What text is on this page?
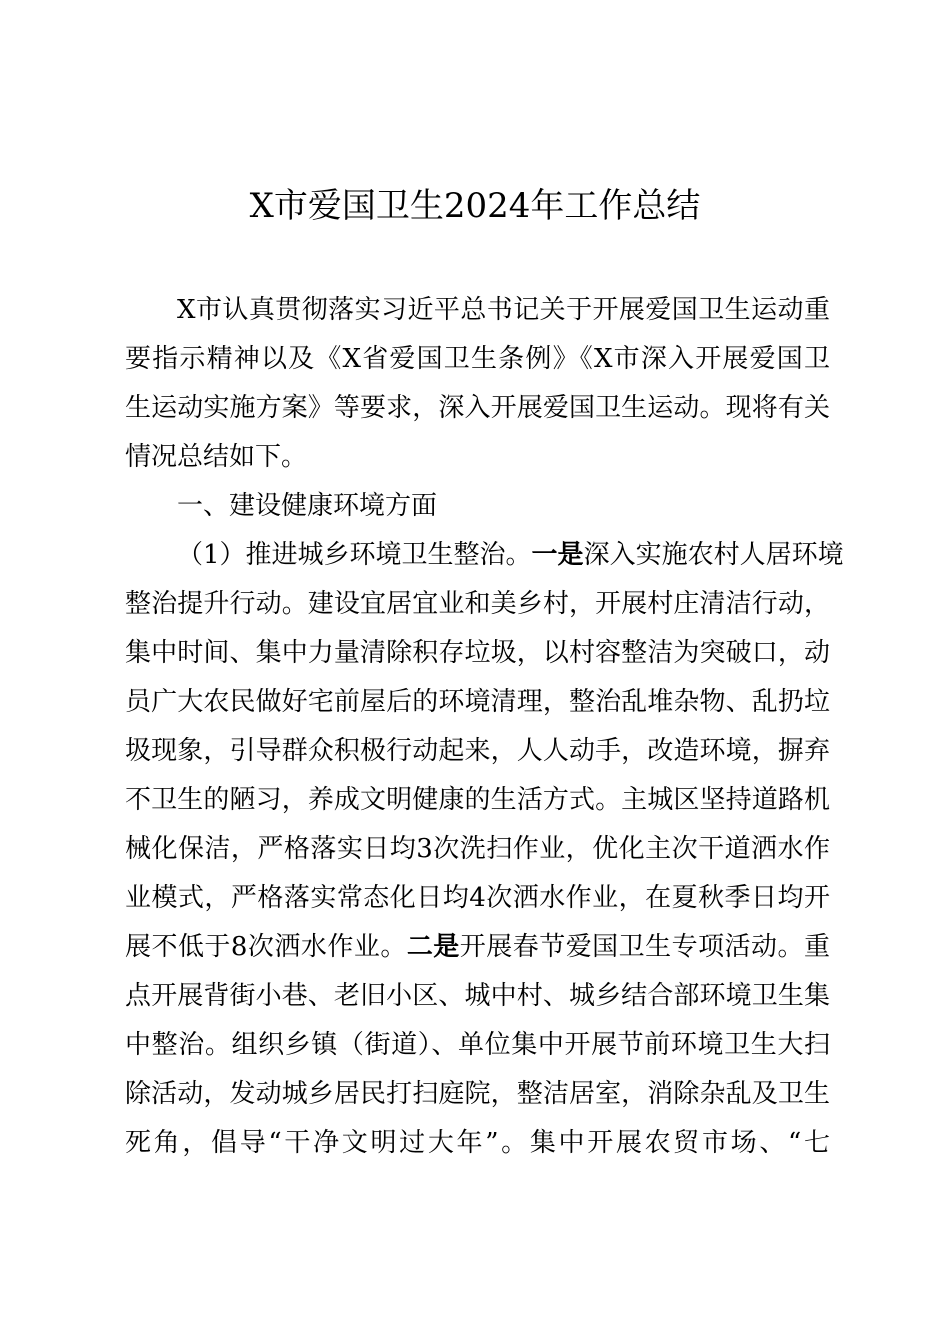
X市爱国卫生2024年工作总结
X市认真贯彻落实习近平总书记关于开展爱国卫生运动重
要指示精神以及《X省爱国卫生条例》《X市深入开展爱国卫
生运动实施方案》等要求，深入开展爱国卫生运动。现将有关
情况总结如下。
一、建设健康环境方面
（1）推进城乡环境卫生整治。一是深入实施农村人居环境
整治提升行动。建设宜居宜业和美乡村，开展村庄清洁行动，
集中时间、集中力量清除积存垃圾，以村容整洁为突破口，动
员广大农民做好宅前屋后的环境清理，整治乱堆杂物、乱扔垃
圾现象，引导群众积极行动起来，人人动手，改造环境，摒弃
不卫生的陋习，养成文明健康的生活方式。主城区坚持道路机
械化保洁，严格落实日均3次洗扫作业，优化主次干道洒水作
业模式，严格落实常态化日均4次洒水作业，在夏秋季日均开
展不低于8次洒水作业。二是开展春节爱国卫生专项活动。重
点开展背街小巷、老旧小区、城中村、城乡结合部环境卫生集
中整治。组织乡镇（街道）、单位集中开展节前环境卫生大扫
除活动，发动城乡居民打扫庭院，整洁居室，消除杂乱及卫生
死角，倡导“干净文明过大年”。集中开展农贸市场、“七
